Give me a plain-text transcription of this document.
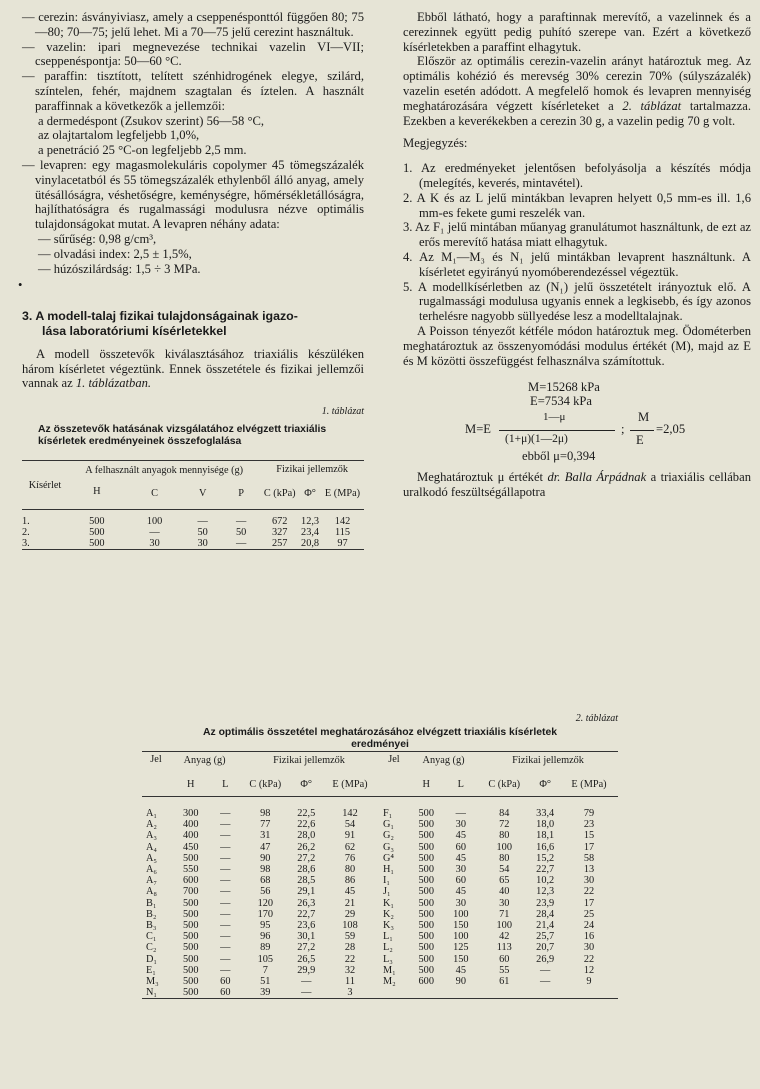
— cerezin: ásványiviasz, amely a cseppenésponttól függően 80; 75—80; 70—75; jelű lehet. Mi a 70—75 jelű cerezint használtuk.

— vazelin: ipari megnevezése technikai vazelin VI—VII; cseppenéspontja: 50—60 °C.

— paraffin: tisztított, telített szénhidrogének elegye, szilárd, színtelen, fehér, majdnem szagtalan és íztelen. A használt paraffinnak a következők a jellemzői:

a dermedéspont (Zsukov szerint) 56—58 °C,

az olajtartalom legfeljebb 1,0%,

a penetráció 25 °C-on legfeljebb 2,5 mm.

— levapren: egy magasmolekuláris copolymer 45 tömegszázalék vinylacetatból és 55 tömegszázalék ethylenből álló anyag, amely ütésállóságra, véshetőségre, keménységre, hőmérsékletállóságra, hajlíthatóságra és rugalmassági modulusra nézve optimális tulajdonságokat mutat. A levapren néhány adata:

— sűrűség: 0,98 g/cm³,

— olvadási index: 2,5 ± 1,5%,

— húzószilárdság: 1,5 ÷ 3 MPa.

•

3. A modell-talaj fizikai tulajdonságainak igazo-
lása laboratóriumi kísérletekkel

A modell összetevők kiválasztásához triaxiális készüléken három kísérletet végeztünk. Ennek összetétele és fizikai jellemzői vannak az 1. táblázatban.

1. táblázat
Az összetevők hatásának vizsgálatához elvégzett triaxiális kísérletek eredményeinek összefoglalása
Kísérlet	A felhasznált anyagok mennyisége (g)				Fizikai jellemzők		
	H	C	V	P	C (kPa)	Φ°	E (MPa)

1.	500	100	—	—	672	12,3	142
2.	500	—	50	50	327	23,4	115
3.	500	30	30	—	257	20,8	97

Ebből látható, hogy a paraftinnak merevítő, a vazelinnek és a cerezinnek együtt pedig puhító szerepe van. Ezért a következő kísérletekben a paraffint elhagytuk.

Először az optimális cerezin-vazelin arányt határoztuk meg. Az optimális kohézió és merevség 30% cerezin 70% (súlyszázalék) vazelin esetén adódott. A megfelelő homok és levapren mennyiség meghatározására végzett kísérleteket a 2. táblázat tartalmazza. Ezekben a keverékekben a cerezin 30 g, a vazelin pedig 70 g volt.

Megjegyzés:

1. Az eredményeket jelentősen befolyásolja a készítés módja (melegítés, keverés, mintavétel).

2. A K és az L jelű mintákban levapren helyett 0,5 mm-es ill. 1,6 mm-es fekete gumi reszelék van.

3. Az F₁ jelű mintában műanyag granulátumot használtunk, de ezt az erős merevítő hatása miatt elhagytuk.

4. Az M₁—M₃ és N₁ jelű mintákban levaprent használtunk. A kísérletet egyirányú nyomóberendezéssel végeztük.

5. A modellkísérletben az (N₁) jelű összetételt irányoztuk elő. A rugalmassági modulusa ugyanis ennek a legkisebb, és így azonos terhelésre nagyobb süllyedése lesz a modelltalajnak.

A Poisson tényezőt kétféle módon határoztuk meg. Ödométerben meghatároztuk az összenyomódási modulus értékét (M), majd az E és M közötti összefüggést felhasználva számítottuk.

M=15268 kPa
E=7534 kPa
1—μ
M=E	;
(1+μ)(1—2μ)
M
E
=2,05
ebből μ=0,394

Meghatároztuk μ értékét dr. Balla Árpádnak a triaxiális cellában uralkodó feszültségállapotra

2. táblázat
Az optimális összetétel meghatározásához elvégzett triaxiális kísérletek
eredményei
Jel	Anyag (g)		Fizikai jellemzők			Jel	Anyag (g)		Fizikai jellemzők		
	H	L	C (kPa)	Φ°	E (MPa)		H	L	C (kPa)	Φ°	E (MPa)

A₁	300	—	98	22,5	142	F₁	500	—	84	33,4	79
A₂	400	—	77	22,6	54	G₁	500	30	72	18,0	23
A₃	400	—	31	28,0	91	G₂	500	45	80	18,1	15
A₄	450	—	47	26,2	62	G₃	500	60	100	16,6	17
A₅	500	—	90	27,2	76	G⁴	500	45	80	15,2	58
A₆	550	—	98	28,6	80	H₁	500	30	54	22,7	13
A₇	600	—	68	28,5	86	I₁	500	60	65	10,2	30
A₈	700	—	56	29,1	45	J₁	500	45	40	12,3	22
B₁	500	—	120	26,3	21	K₁	500	30	30	23,9	17
B₂	500	—	170	22,7	29	K₂	500	100	71	28,4	25
B₃	500	—	95	23,6	108	K₃	500	150	100	21,4	24
C₁	500	—	96	30,1	59	L₁	500	100	42	25,7	16
C₂	500	—	89	27,2	28	L₂	500	125	113	20,7	30
D₁	500	—	105	26,5	22	L₃	500	150	60	26,9	22
E₁	500	—	7	29,9	32	M₁	500	45	55	—	12
M₃	500	60	51	—	11	M₂	600	90	61	—	9
N₁	500	60	39	—	3						
